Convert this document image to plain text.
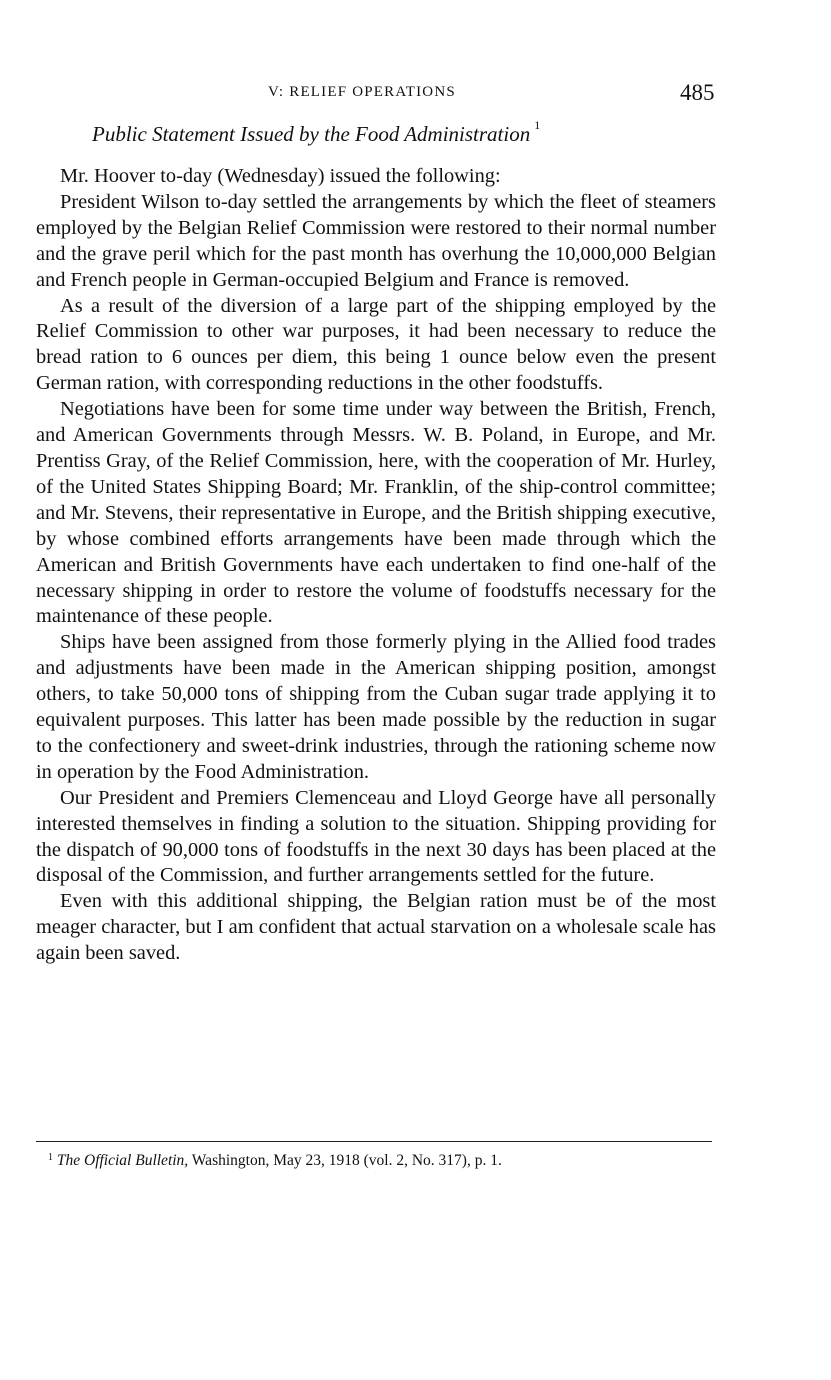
V: RELIEF OPERATIONS	485
Public Statement Issued by the Food Administration $^1$

Mr. Hoover to-day (Wednesday) issued the following:

President Wilson to-day settled the arrangements by which the fleet of steamers employed by the Belgian Relief Commission were restored to their normal number and the grave peril which for the past month has overhung the 10,000,000 Belgian and French people in German-occupied Belgium and France is removed.

As a result of the diversion of a large part of the shipping employed by the Relief Commission to other war purposes, it had been necessary to reduce the bread ration to 6 ounces per diem, this being 1 ounce below even the present German ration, with corresponding reductions in the other foodstuffs.

Negotiations have been for some time under way between the British, French, and American Governments through Messrs. W. B. Poland, in Europe, and Mr. Prentiss Gray, of the Relief Commission, here, with the cooperation of Mr. Hurley, of the United States Shipping Board; Mr. Franklin, of the ship-control committee; and Mr. Stevens, their representative in Europe, and the British shipping executive, by whose combined efforts arrangements have been made through which the American and British Governments have each undertaken to find one-half of the necessary shipping in order to restore the volume of foodstuffs necessary for the maintenance of these people.

Ships have been assigned from those formerly plying in the Allied food trades and adjustments have been made in the American shipping position, amongst others, to take 50,000 tons of shipping from the Cuban sugar trade applying it to equivalent purposes. This latter has been made possible by the reduction in sugar to the confectionery and sweet-drink industries, through the rationing scheme now in operation by the Food Administration.

Our President and Premiers Clemenceau and Lloyd George have all personally interested themselves in finding a solution to the situation. Shipping providing for the dispatch of 90,000 tons of foodstuffs in the next 30 days has been placed at the disposal of the Commission, and further arrangements settled for the future.

Even with this additional shipping, the Belgian ration must be of the most meager character, but I am confident that actual starvation on a wholesale scale has again been saved.

$^1$ The Official Bulletin, Washington, May 23, 1918 (vol. 2, No. 317), p. 1.
